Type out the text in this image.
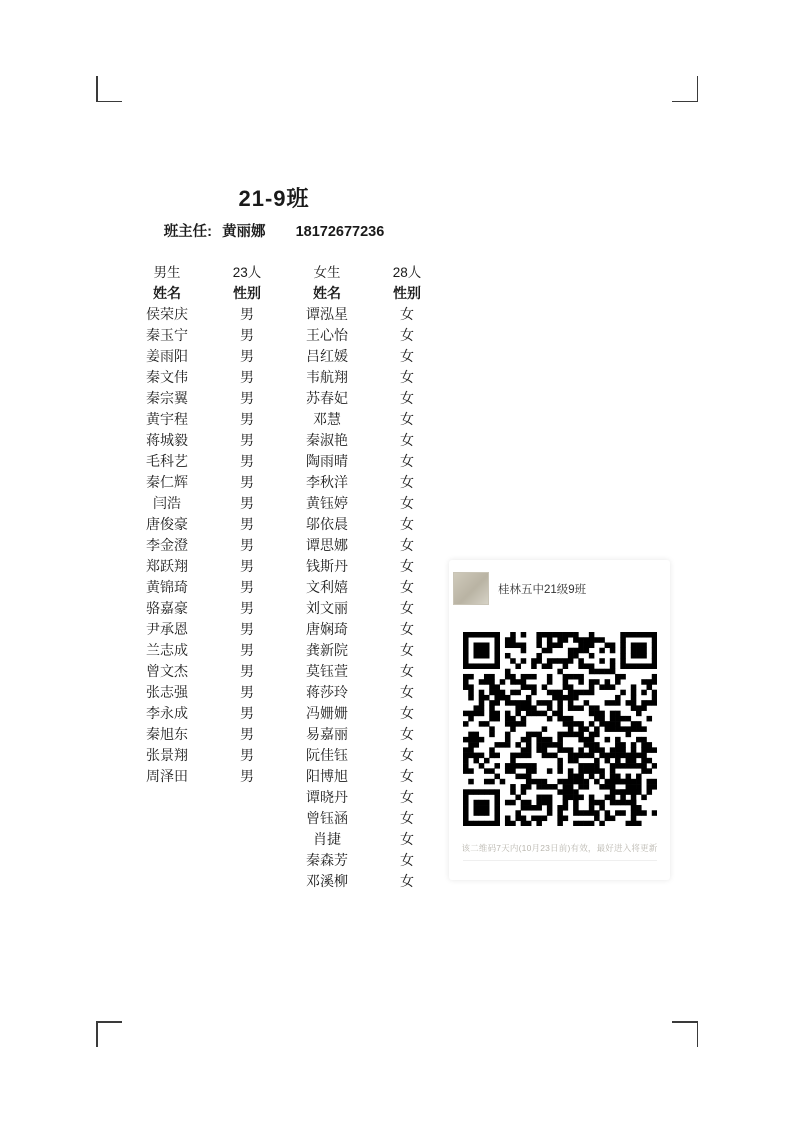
21-9班
班主任: 黄丽娜 18172677236
男生	23人	女生	28人
姓名	性别	姓名	性别
侯荣庆	男	谭泓星	女
秦玉宁	男	王心怡	女
姜雨阳	男	吕红媛	女
秦文伟	男	韦航翔	女
秦宗翼	男	苏春妃	女
黄宇程	男	邓慧	女
蒋城毅	男	秦淑艳	女
毛科艺	男	陶雨晴	女
秦仁辉	男	李秋洋	女
闫浩	男	黄钰婷	女
唐俊豪	男	邬依晨	女
李金澄	男	谭思娜	女
郑跃翔	男	钱斯丹	女
黄锦琦	男	文利嬉	女
骆嘉豪	男	刘文丽	女
尹承恩	男	唐娴琦	女
兰志成	男	龚新院	女
曾文杰	男	莫钰萱	女
张志强	男	蒋莎玲	女
李永成	男	冯姗姗	女
秦旭东	男	易嘉丽	女
张景翔	男	阮佳钰	女
周泽田	男	阳博旭	女
		谭晓丹	女
		曾钰涵	女
		肖捷	女
		秦森芳	女
		邓溪柳	女
桂林五中21级9班
该二维码7天内(10月23日前)有效，最好进入将更新
